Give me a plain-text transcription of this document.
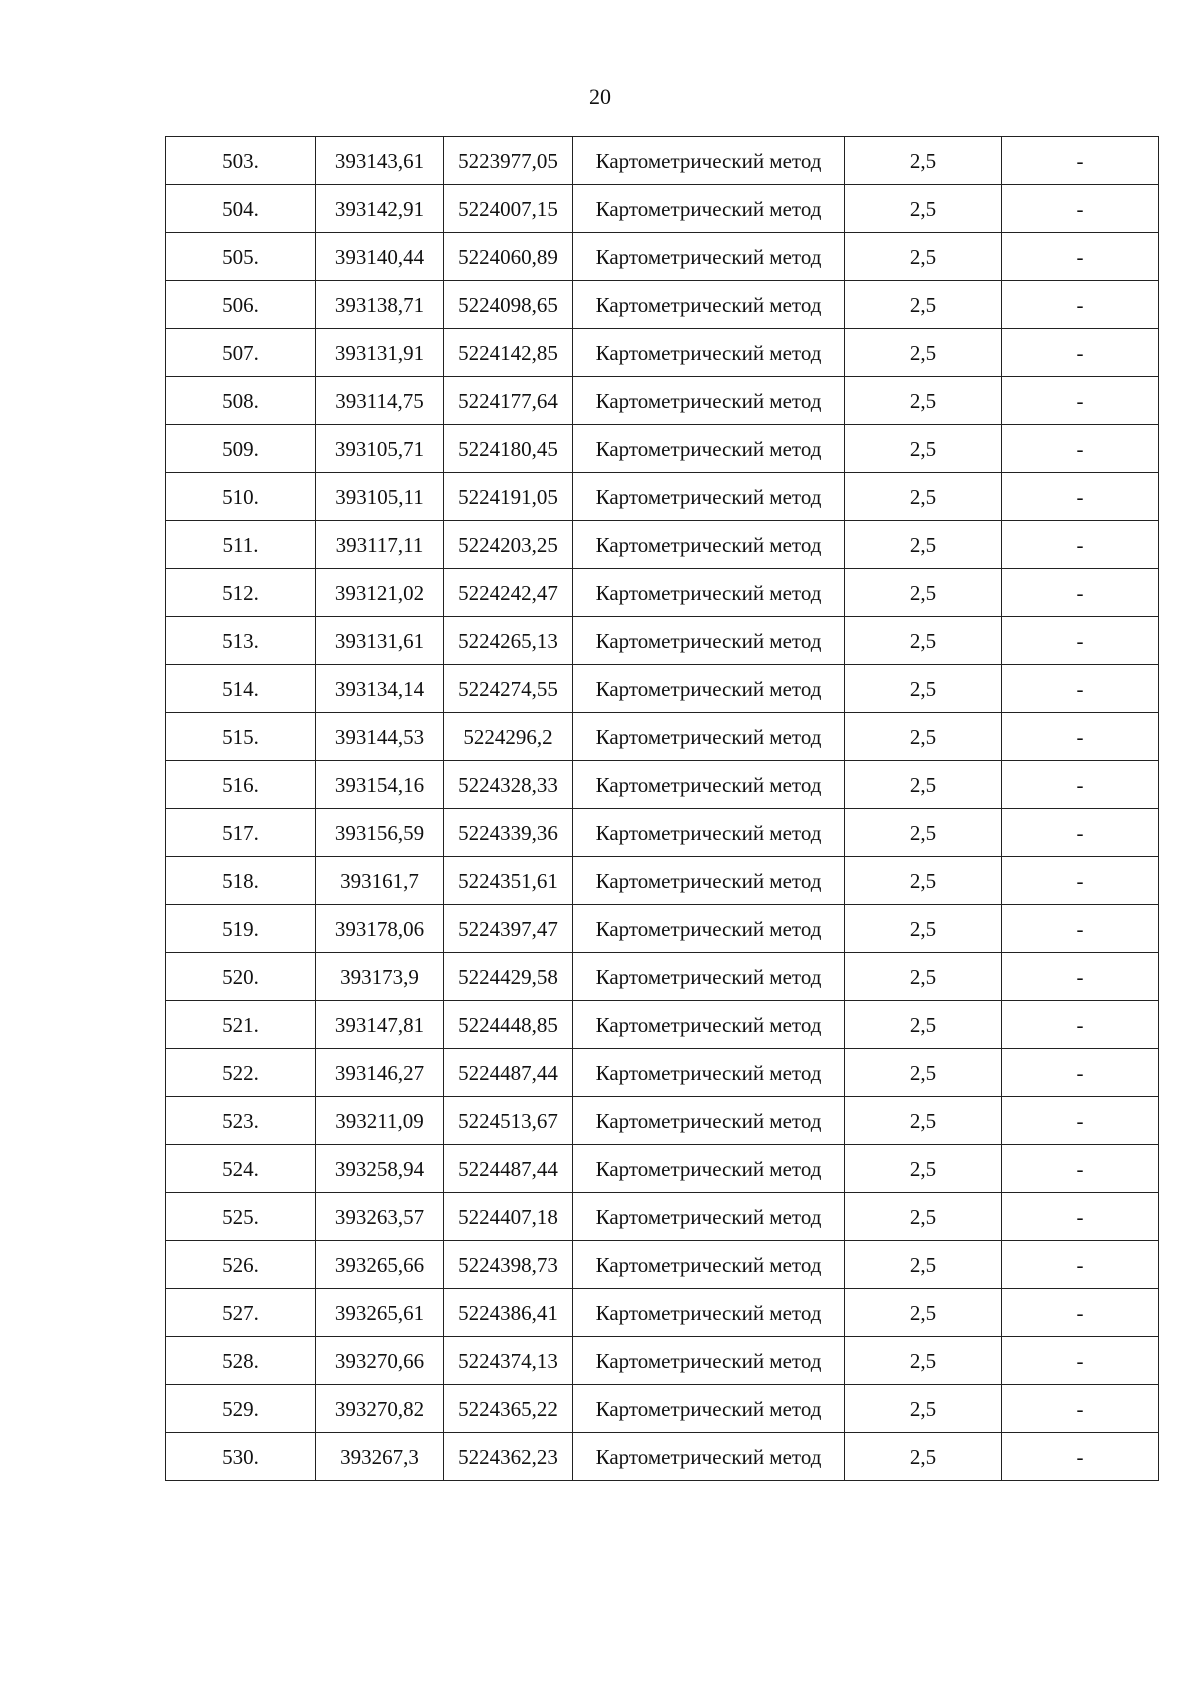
20
503.	393143,61	5223977,05	Картометрический метод	2,5	-
504.	393142,91	5224007,15	Картометрический метод	2,5	-
505.	393140,44	5224060,89	Картометрический метод	2,5	-
506.	393138,71	5224098,65	Картометрический метод	2,5	-
507.	393131,91	5224142,85	Картометрический метод	2,5	-
508.	393114,75	5224177,64	Картометрический метод	2,5	-
509.	393105,71	5224180,45	Картометрический метод	2,5	-
510.	393105,11	5224191,05	Картометрический метод	2,5	-
511.	393117,11	5224203,25	Картометрический метод	2,5	-
512.	393121,02	5224242,47	Картометрический метод	2,5	-
513.	393131,61	5224265,13	Картометрический метод	2,5	-
514.	393134,14	5224274,55	Картометрический метод	2,5	-
515.	393144,53	5224296,2	Картометрический метод	2,5	-
516.	393154,16	5224328,33	Картометрический метод	2,5	-
517.	393156,59	5224339,36	Картометрический метод	2,5	-
518.	393161,7	5224351,61	Картометрический метод	2,5	-
519.	393178,06	5224397,47	Картометрический метод	2,5	-
520.	393173,9	5224429,58	Картометрический метод	2,5	-
521.	393147,81	5224448,85	Картометрический метод	2,5	-
522.	393146,27	5224487,44	Картометрический метод	2,5	-
523.	393211,09	5224513,67	Картометрический метод	2,5	-
524.	393258,94	5224487,44	Картометрический метод	2,5	-
525.	393263,57	5224407,18	Картометрический метод	2,5	-
526.	393265,66	5224398,73	Картометрический метод	2,5	-
527.	393265,61	5224386,41	Картометрический метод	2,5	-
528.	393270,66	5224374,13	Картометрический метод	2,5	-
529.	393270,82	5224365,22	Картометрический метод	2,5	-
530.	393267,3	5224362,23	Картометрический метод	2,5	-
